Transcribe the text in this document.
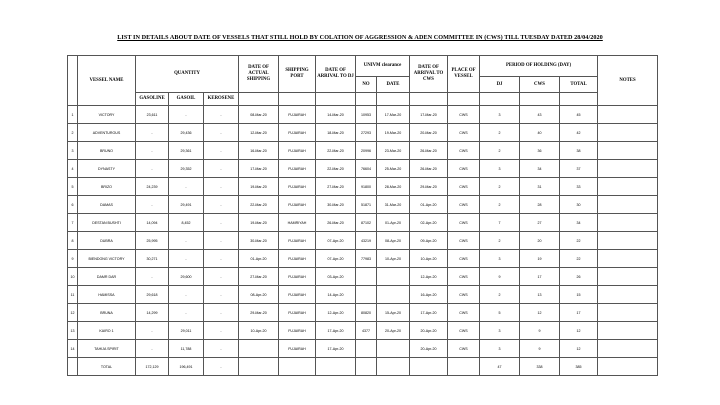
LIST IN DETAILS ABOUT DATE OF VESSELS THAT STILL HOLD BY COLATION OF AGGRESSION & ADEN COMMITTEE IN (CWS) TILL TUESDAY DATED 28/04/2020
	VESSEL NAME	QUANTITY			DATE OF ACTUAL SHIPPING	SHIPPING PORT	DATE OF ARRIVAL TO DJ	UNIVM clearance		DATE OF ARRIVAL TO CWS	PLACE OF VESSEL	PERIOD OF HOLDING (DAY)			NOTES
								NO	DATE			DJ	CWS	TOTAL	
		GASOLINE	GASOIL	KEROSENE											
1	VICTORY	23,611	-	-	08-Mar-20	FUJAIRAH	14-Mar-20	10953	17-Mar-20	17-Mar-20	CWS	3	43	45	
2	ADVENTUROUS	-	29,436	-	12-Mar-20	FUJAIRAH	18-Mar-20	27293	19-Mar-20	20-Mar-20	CWS	2	40	42	
3	BRUNO	-	29,361	-	16-Mar-20	FUJAIRAH	22-Mar-20	20996	23-Mar-20	26-Mar-20	CWS	2	36	38	
4	DYNASTY	-	29,352	-	17-Mar-20	FUJAIRAH	22-Mar-20	76604	25-Mar-20	26-Mar-20	CWS	3	34	37	
5	BRIZO	24,239	-	-	19-Mar-20	FUJAIRAH	27-Mar-20	91800	28-Mar-20	29-Mar-20	CWS	2	31	33	
6	DAMAS	-	29,491	-	22-Mar-20	FUJAIRAH	30-Mar-20	51871	31-Mar-20	01-Apr-20	CWS	2	28	30	
7	DESTAN BUSHTI	14,094	8,452	-	19-Mar-20	HAMRIYAH	26-Mar-20	87102	01-Apr-20	02-Apr-20	CWS	7	27	34	
8	DUBRA	25,995	-	-	30-Mar-20	FUJAIRAH	07-Apr-20	43219	08-Apr-20	09-Apr-20	CWS	2	20	22	
9	BIENDONG VICTORY	30,271	-	-	01-Apr-20	FUJAIRAH	07-Apr-20	77983	10-Apr-20	10-Apr-20	CWS	3	19	22	
10	DAMR DAR	-	29,600	-	27-Mar-20	FUJAIRAH	03-Apr-20			12-Apr-20	CWS	9	17	26	
11	HAMISSA	29,618	-	-	08-Apr-20	FUJAIRAH	14-Apr-20			16-Apr-20	CWS	2	13	15	
12	BRUNA	14,299	-	-	29-Mar-20	FUJAIRAH	12-Apr-20	80820	15-Apr-20	17-Apr-20	CWS	5	12	17	
13	KAIRO 1	-	29,011	-	10-Apr-20	FUJAIRAH	17-Apr-20	4377	20-Apr-20	20-Apr-20	CWS	3	9	12	
14	TAHIJA SPIRIT	-	11,788	-		FUJAIRAH	17-Apr-20			20-Apr-20	CWS	3	9	12	
	TOTAL	172,129	196,491	-								47	338	385	
